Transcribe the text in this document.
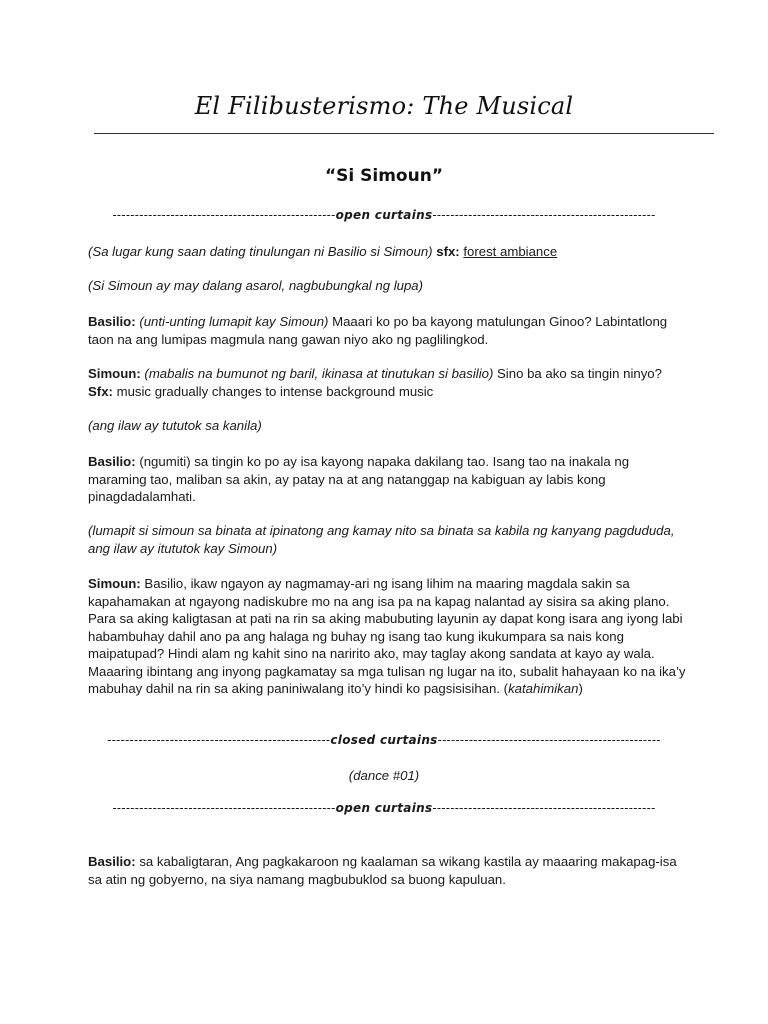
El Filibusterismo: The Musical
“Si Simoun”
--------------------------------------------------open curtains--------------------------------------------------
(Sa lugar kung saan dating tinulungan ni Basilio si Simoun) sfx: forest ambiance
(Si Simoun ay may dalang asarol, nagbubungkal ng lupa)
Basilio: (unti-unting lumapit kay Simoun) Maaari ko po ba kayong matulungan Ginoo? Labintatlong taon na ang lumipas magmula nang gawan niyo ako ng paglilingkod.
Simoun: (mabalis na bumunot ng baril, ikinasa at tinutukan si basilio) Sino ba ako sa tingin ninyo? Sfx: music gradually changes to intense background music
(ang ilaw ay tututok sa kanila)
Basilio: (ngumiti) sa tingin ko po ay isa kayong napaka dakilang tao. Isang tao na inakala ng maraming tao, maliban sa akin, ay patay na at ang natanggap na kabiguan ay labis kong pinagdadalamhati.
(lumapit si simoun sa binata at ipinatong ang kamay nito sa binata sa kabila ng kanyang pagdududa, ang ilaw ay itututok kay Simoun)
Simoun: Basilio, ikaw ngayon ay nagmamay-ari ng isang lihim na maaring magdala sakin sa kapahamakan at ngayong nadiskubre mo na ang isa pa na kapag nalantad ay sisira sa aking plano. Para sa aking kaligtasan at pati na rin sa aking mabubuting layunin ay dapat kong isara ang iyong labi habambuhay dahil ano pa ang halaga ng buhay ng isang tao kung ikukumpara sa nais kong maipatupad? Hindi alam ng kahit sino na naririto ako, may taglay akong sandata at kayo ay wala. Maaaring ibintang ang inyong pagkamatay sa mga tulisan ng lugar na ito, subalit hahayaan ko na ika’y mabuhay dahil na rin sa aking paniniwalang ito’y hindi ko pagsisisihan. (katahimikan)
--------------------------------------------------closed curtains--------------------------------------------------
(dance #01)
--------------------------------------------------open curtains--------------------------------------------------
Basilio: sa kabaligtaran, Ang pagkakaroon ng kaalaman sa wikang kastila ay maaaring makapag-isa sa atin ng gobyerno, na siya namang magbubuklod sa buong kapuluan.
